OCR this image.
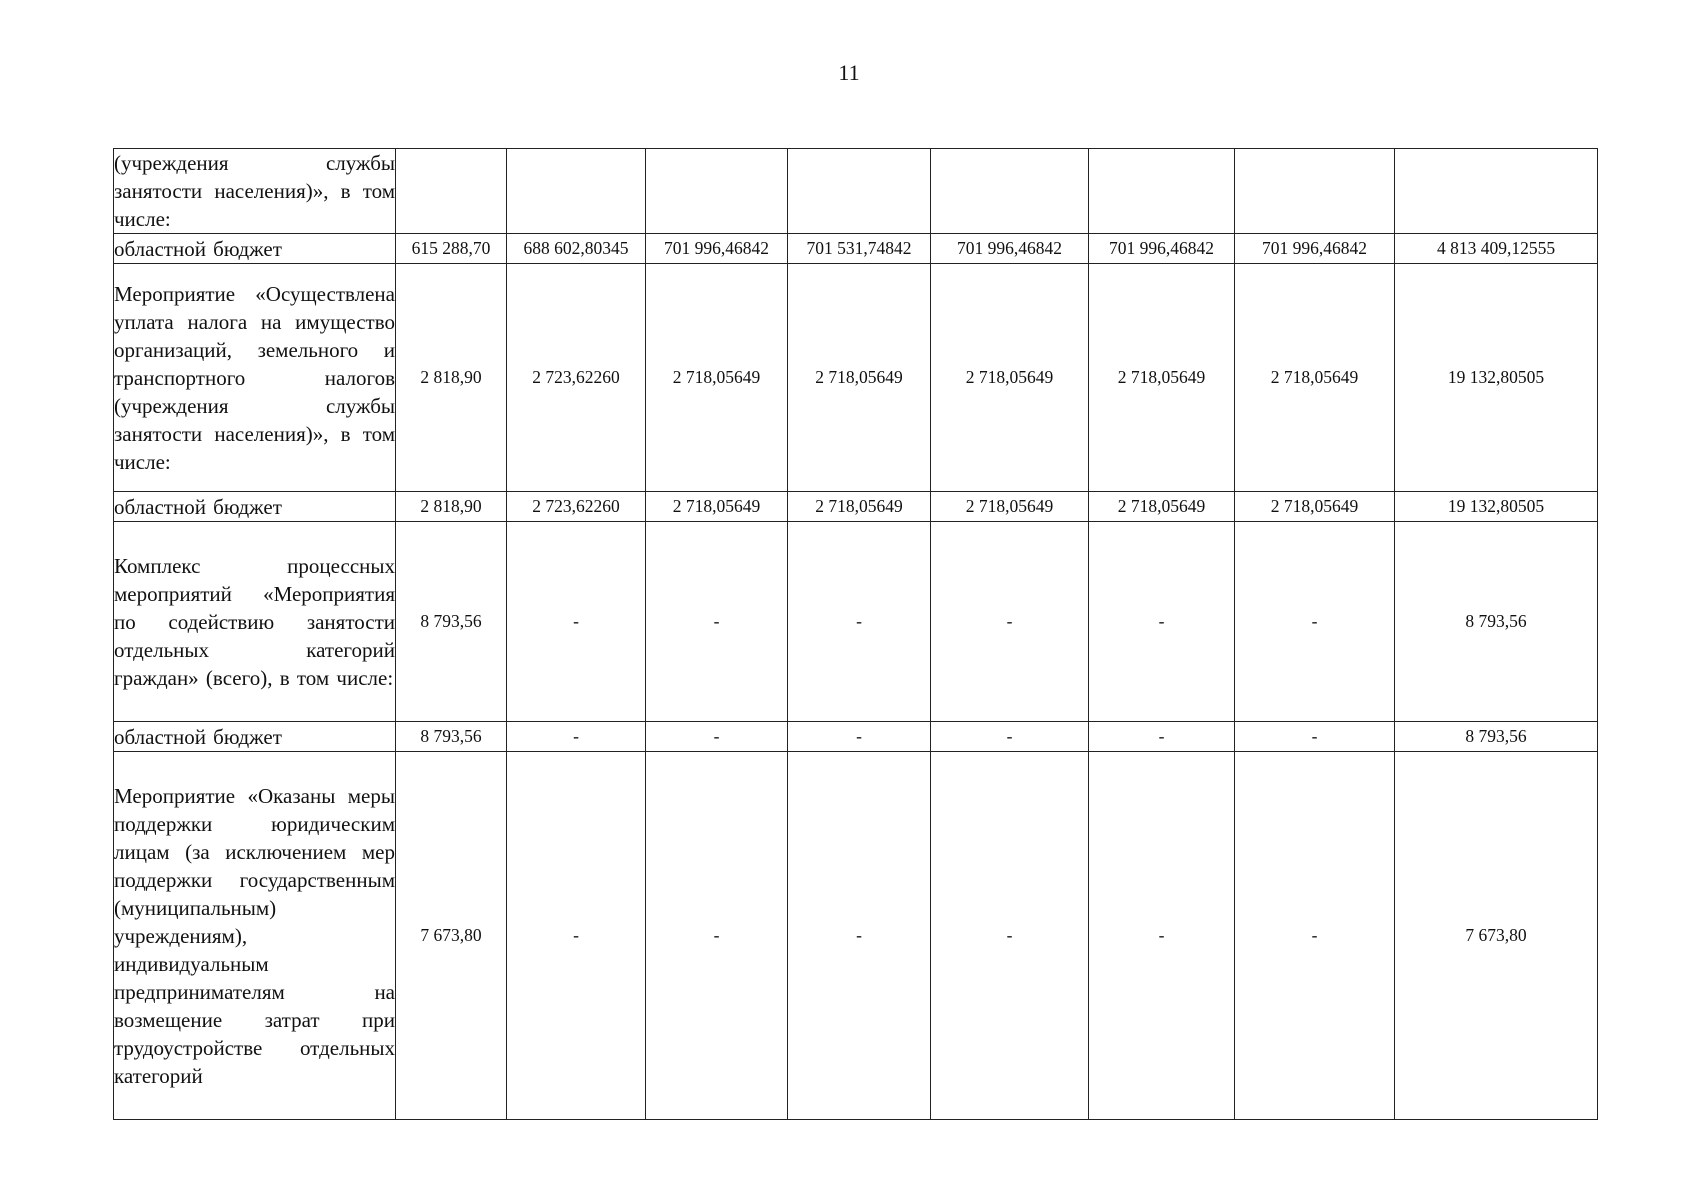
11
(учреждения службы занятости населения)», в том числе:								
областной бюджет	615 288,70	688 602,80345	701 996,46842	701 531,74842	701 996,46842	701 996,46842	701 996,46842	4 813 409,12555
Мероприятие «Осуществлена уплата налога на имущество организаций, земельного и транспортного налогов (учреждения службы занятости населения)», в том числе:	2 818,90	2 723,62260	2 718,05649	2 718,05649	2 718,05649	2 718,05649	2 718,05649	19 132,80505
областной бюджет	2 818,90	2 723,62260	2 718,05649	2 718,05649	2 718,05649	2 718,05649	2 718,05649	19 132,80505
Комплекс процессных мероприятий «Мероприятия по содействию занятости отдельных категорий граждан» (всего), в том числе:	8 793,56	-	-	-	-	-	-	8 793,56
областной бюджет	8 793,56	-	-	-	-	-	-	8 793,56
Мероприятие «Оказаны меры поддержки юридическим лицам (за исключением мер поддержки государственным (муниципальным) учреждениям), индивидуальным предпринимателям на возмещение затрат при трудоустройстве отдельных категорий	7 673,80	-	-	-	-	-	-	7 673,80
